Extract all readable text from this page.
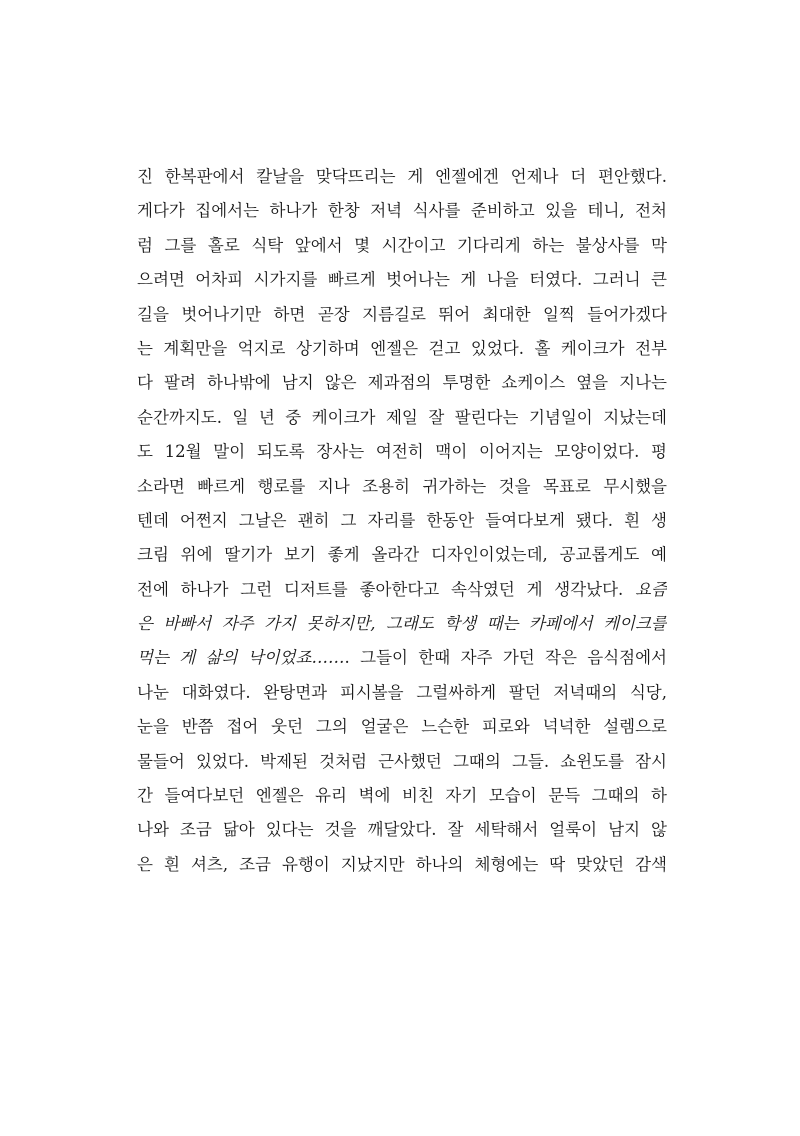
진 한복판에서 칼날을 맞닥뜨리는 게 엔젤에겐 언제나 더 편안했다.
게다가 집에서는 하나가 한창 저녁 식사를 준비하고 있을 테니, 전처
럼 그를 홀로 식탁 앞에서 몇 시간이고 기다리게 하는 불상사를 막
으려면 어차피 시가지를 빠르게 벗어나는 게 나을 터였다. 그러니 큰
길을 벗어나기만 하면 곧장 지름길로 뛰어 최대한 일찍 들어가겠다
는 계획만을 억지로 상기하며 엔젤은 걷고 있었다. 홀 케이크가 전부
다 팔려 하나밖에 남지 않은 제과점의 투명한 쇼케이스 옆을 지나는
순간까지도. 일 년 중 케이크가 제일 잘 팔린다는 기념일이 지났는데
도 12월 말이 되도록 장사는 여전히 맥이 이어지는 모양이었다. 평
소라면 빠르게 행로를 지나 조용히 귀가하는 것을 목표로 무시했을
텐데 어쩐지 그날은 괜히 그 자리를 한동안 들여다보게 됐다. 흰 생
크림 위에 딸기가 보기 좋게 올라간 디자인이었는데, 공교롭게도 예
전에 하나가 그런 디저트를 좋아한다고 속삭였던 게 생각났다. 요즘
은 바빠서 자주 가지 못하지만, 그래도 학생 때는 카페에서 케이크를
먹는 게 삶의 낙이었죠……. 그들이 한때 자주 가던 작은 음식점에서
나눈 대화였다. 완탕면과 피시볼을 그럴싸하게 팔던 저녁때의 식당,
눈을 반쯤 접어 웃던 그의 얼굴은 느슨한 피로와 넉넉한 설렘으로
물들어 있었다. 박제된 것처럼 근사했던 그때의 그들. 쇼윈도를 잠시
간 들여다보던 엔젤은 유리 벽에 비친 자기 모습이 문득 그때의 하
나와 조금 닮아 있다는 것을 깨달았다. 잘 세탁해서 얼룩이 남지 않
은 흰 셔츠, 조금 유행이 지났지만 하나의 체형에는 딱 맞았던 감색
